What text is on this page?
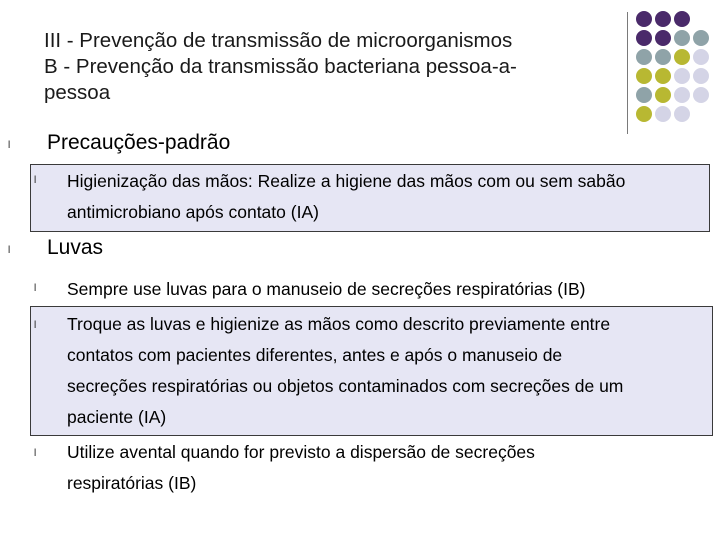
III - Prevenção de transmissão de microorganismos
B - Prevenção da transmissão bacteriana pessoa-a-
pessoa
l Precauções-padrão
l Higienização das mãos: Realize a higiene das mãos com ou sem sabão
antimicrobiano após contato (IA)
l Luvas
l Sempre use luvas para o manuseio de secreções respiratórias (IB)
l Troque as luvas e higienize as mãos como descrito previamente entre
contatos com pacientes diferentes, antes e após o manuseio de
secreções respiratórias ou objetos contaminados com secreções de um
paciente (IA)
l Utilize avental quando for previsto a dispersão de secreções
respiratórias (IB)
